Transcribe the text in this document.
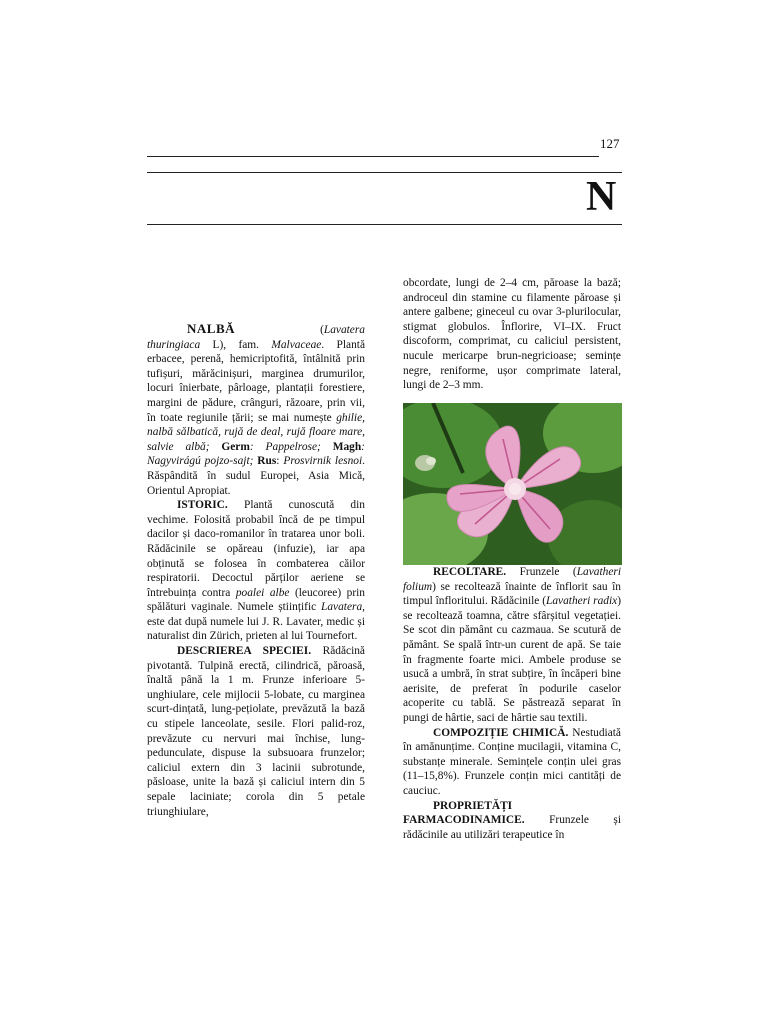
127
N

NALBĂ	(Lavatera thuringiaca L), fam. Malvaceae. Plantă erbacee, perenă, hemicriptofită, întâlnită prin tufișuri, mărăcinișuri, marginea drumurilor, locuri înierbate, pârloage, plantații forestiere, margini de pădure, crânguri, răzoare, prin vii, în toate regiunile țării; se mai numește ghilie, nalbă sălbatică, rujă de deal, rujă floare mare, salvie albă; Germ: Pappelrose; Magh: Nagyvirágú pojzo-sajt; Rus: Prosvirnik lesnoi. Răspândită în sudul Europei, Asia Mică, Orientul Apropiat.

ISTORIC. Plantă cunoscută din vechime. Folosită probabil încă de pe timpul dacilor și daco-romanilor în tratarea unor boli. Rădăcinile se opăreau (infuzie), iar apa obținută se folosea în combaterea căilor respiratorii. Decoctul părților aeriene se întrebuința contra poalei albe (leucoree) prin spălături vaginale. Numele științific Lavatera, este dat după numele lui J. R. Lavater, medic și naturalist din Zürich, prieten al lui Tournefort.

DESCRIEREA SPECIEI. Rădăcină pivotantă. Tulpină erectă, cilindrică, păroasă, înaltă până la 1 m. Frunze inferioare 5-unghiulare, cele mijlocii 5-lobate, cu marginea scurt-dințată, lung-pețiolate, prevăzută la bază cu stipele lanceolate, sesile. Flori palid-roz, prevăzute cu nervuri mai închise, lung-pedunculate, dispuse la subsuoara frunzelor; caliciul extern din 3 lacinii subrotunde, păsloase, unite la bază și caliciul intern din 5 sepale laciniate; corola din 5 petale triunghiulare,

obcordate, lungi de 2–4 cm, păroase la bază; androceul din stamine cu filamente păroase și antere galbene; gineceul cu ovar 3-plurilocular, stigmat globulos. Înflorire, VI–IX. Fruct discoform, comprimat, cu caliciul persistent, nucule mericarpe brun-negricioase; semințe negre, reniforme, ușor comprimate lateral, lungi de 2–3 mm.

RECOLTARE. Frunzele (Lavatheri folium) se recoltează înainte de înflorit sau în timpul înfloritului. Rădăcinile (Lavatheri radix) se recoltează toamna, către sfârșitul vegetației. Se scot din pământ cu cazmaua. Se scutură de pământ. Se spală într-un curent de apă. Se taie în fragmente foarte mici. Ambele produse se usucă a umbră, în strat subțire, în încăperi bine aerisite, de preferat în podurile caselor acoperite cu tablă. Se păstrează separat în pungi de hârtie, saci de hârtie sau textili.

COMPOZIȚIE CHIMICĂ. Nestudiată în amănunțime. Conține mucilagii, vitamina C, substanțe minerale. Semințele conțin ulei gras (11–15,8%). Frunzele conțin mici cantități de cauciuc.

PROPRIETĂȚI FARMACODINAMICE. Frunzele și rădăcinile au utilizări terapeutice în
